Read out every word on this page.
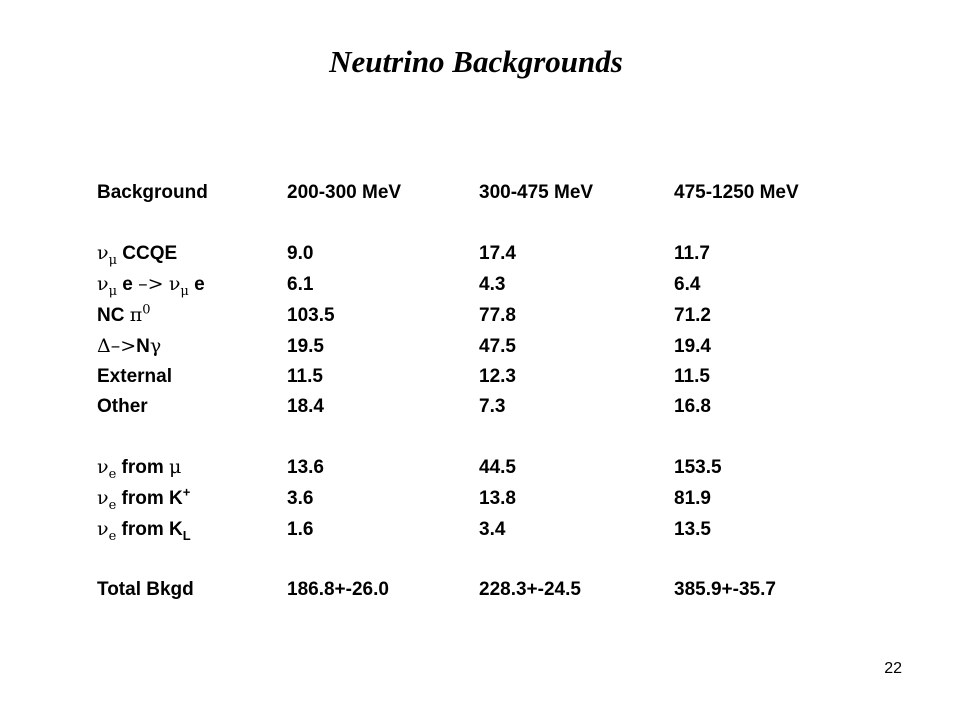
Neutrino Backgrounds
Background	200-300 MeV	300-475 MeV	475-1250 MeV

$\nu_\mu$ CCQE	9.0	17.4	11.7
$\nu_\mu$ $e -> \nu_\mu$ e	6.1	4.3	6.4
NC $\pi^0$	103.5	77.8	71.2
Δ–>Nγ	19.5	47.5	19.4
External	11.5	12.3	11.5
Other	18.4	7.3	16.8

$\nu_e$ from μ	13.6	44.5	153.5
$\nu_e$ from K+	3.6	13.8	81.9
$\nu_e$ from $K_L$	1.6	3.4	13.5

Total Bkgd	186.8+-26.0	228.3+-24.5	385.9+-35.7
22
